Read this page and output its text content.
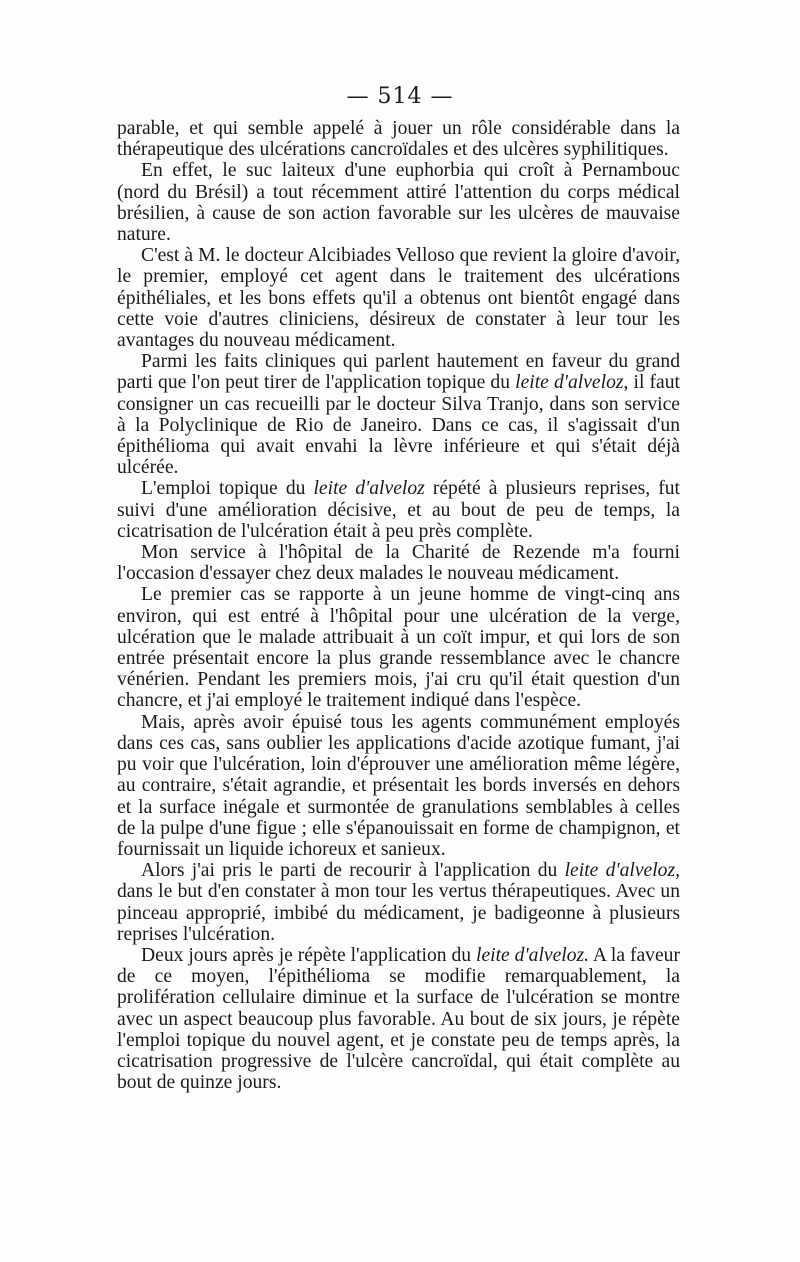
— 514 —

parable, et qui semble appelé à jouer un rôle considérable dans la thérapeutique des ulcérations cancroïdales et des ulcères syphilitiques.

En effet, le suc laiteux d'une euphorbia qui croît à Pernambouc (nord du Brésil) a tout récemment attiré l'attention du corps médical brésilien, à cause de son action favorable sur les ulcères de mauvaise nature.

C'est à M. le docteur Alcibiades Velloso que revient la gloire d'avoir, le premier, employé cet agent dans le traitement des ulcérations épithéliales, et les bons effets qu'il a obtenus ont bientôt engagé dans cette voie d'autres cliniciens, désireux de constater à leur tour les avantages du nouveau médicament.

Parmi les faits cliniques qui parlent hautement en faveur du grand parti que l'on peut tirer de l'application topique du leite d'alveloz, il faut consigner un cas recueilli par le docteur Silva Tranjo, dans son service à la Polyclinique de Rio de Janeiro. Dans ce cas, il s'agissait d'un épithélioma qui avait envahi la lèvre inférieure et qui s'était déjà ulcérée.

L'emploi topique du leite d'alveloz répété à plusieurs reprises, fut suivi d'une amélioration décisive, et au bout de peu de temps, la cicatrisation de l'ulcération était à peu près complète.

Mon service à l'hôpital de la Charité de Rezende m'a fourni l'occasion d'essayer chez deux malades le nouveau médicament.

Le premier cas se rapporte à un jeune homme de vingt-cinq ans environ, qui est entré à l'hôpital pour une ulcération de la verge, ulcération que le malade attribuait à un coït impur, et qui lors de son entrée présentait encore la plus grande ressemblance avec le chancre vénérien. Pendant les premiers mois, j'ai cru qu'il était question d'un chancre, et j'ai employé le traitement indiqué dans l'espèce.

Mais, après avoir épuisé tous les agents communément employés dans ces cas, sans oublier les applications d'acide azotique fumant, j'ai pu voir que l'ulcération, loin d'éprouver une amélioration même légère, au contraire, s'était agrandie, et présentait les bords inversés en dehors et la surface inégale et surmontée de granulations semblables à celles de la pulpe d'une figue ; elle s'épanouissait en forme de champignon, et fournissait un liquide ichoreux et sanieux.

Alors j'ai pris le parti de recourir à l'application du leite d'alveloz, dans le but d'en constater à mon tour les vertus thérapeutiques. Avec un pinceau approprié, imbibé du médicament, je badigeonne à plusieurs reprises l'ulcération.

Deux jours après je répète l'application du leite d'alveloz. A la faveur de ce moyen, l'épithélioma se modifie remarquablement, la prolifération cellulaire diminue et la surface de l'ulcération se montre avec un aspect beaucoup plus favorable. Au bout de six jours, je répète l'emploi topique du nouvel agent, et je constate peu de temps après, la cicatrisation progressive de l'ulcère cancroïdal, qui était complète au bout de quinze jours.
